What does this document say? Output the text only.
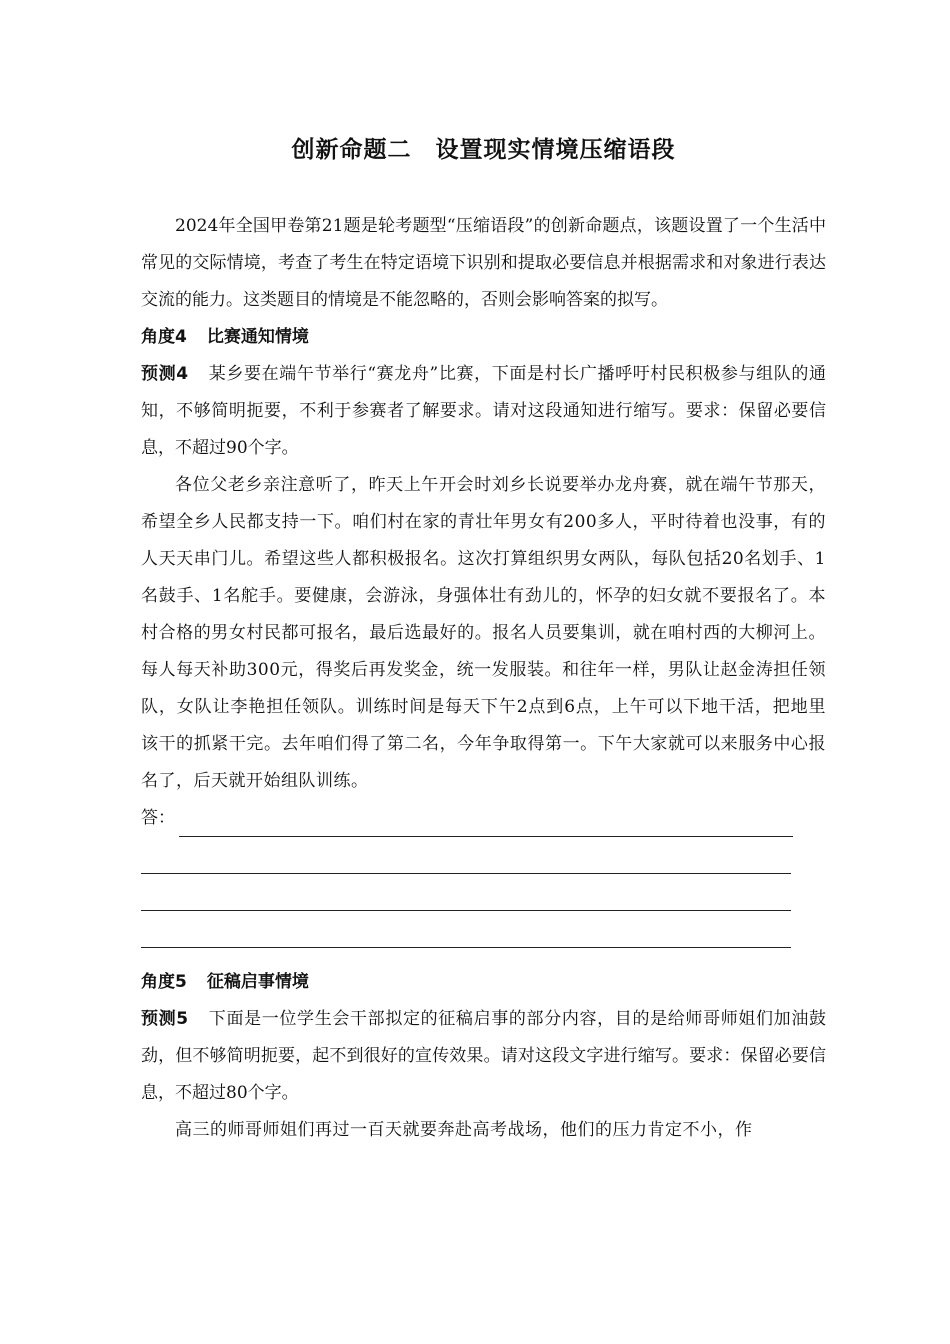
创新命题二　设置现实情境压缩语段

2024年全国甲卷第21题是轮考题型“压缩语段”的创新命题点，该题设置了一个生活中常见的交际情境，考查了考生在特定语境下识别和提取必要信息并根据需求和对象进行表达交流的能力。这类题目的情境是不能忽略的，否则会影响答案的拟写。

角度4 比赛通知情境

预测4 某乡要在端午节举行“赛龙舟”比赛，下面是村长广播呼吁村民积极参与组队的通知，不够简明扼要，不利于参赛者了解要求。请对这段通知进行缩写。要求：保留必要信息，不超过90个字。

各位父老乡亲注意听了，昨天上午开会时刘乡长说要举办龙舟赛，就在端午节那天，希望全乡人民都支持一下。咱们村在家的青壮年男女有200多人，平时待着也没事，有的人天天串门儿。希望这些人都积极报名。这次打算组织男女两队，每队包括20名划手、1名鼓手、1名舵手。要健康，会游泳，身强体壮有劲儿的，怀孕的妇女就不要报名了。本村合格的男女村民都可报名，最后选最好的。报名人员要集训，就在咱村西的大柳河上。每人每天补助300元，得奖后再发奖金，统一发服装。和往年一样，男队让赵金涛担任领队，女队让李艳担任领队。训练时间是每天下午2点到6点，上午可以下地干活，把地里该干的抓紧干完。去年咱们得了第二名，今年争取得第一。下午大家就可以来服务中心报名了，后天就开始组队训练。

答：

角度5 征稿启事情境

预测5 下面是一位学生会干部拟定的征稿启事的部分内容，目的是给师哥师姐们加油鼓劲，但不够简明扼要，起不到很好的宣传效果。请对这段文字进行缩写。要求：保留必要信息，不超过80个字。

高三的师哥师姐们再过一百天就要奔赴高考战场，他们的压力肯定不小，作
